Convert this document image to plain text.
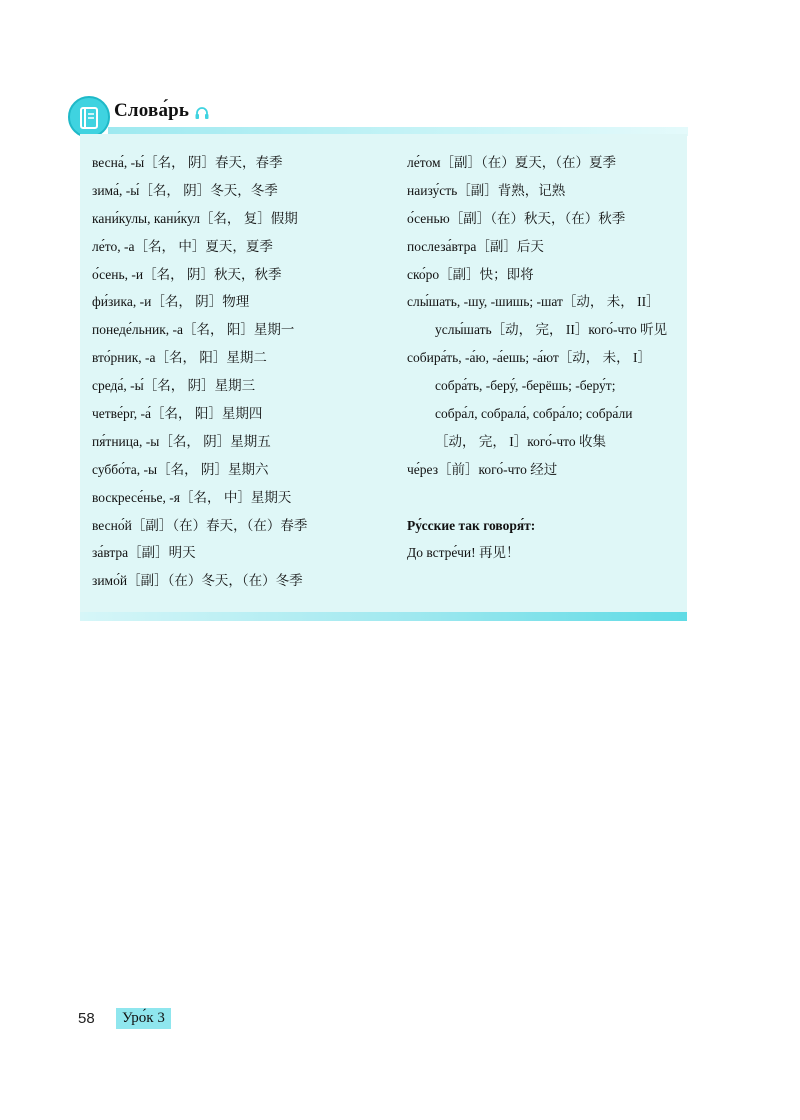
Слова́рь
весна́, -ы́［名， 阴］春天，春季
зима́, -ы́［名， 阴］冬天，冬季
кани́кулы, кани́кул［名， 复］假期
ле́то, -а［名， 中］夏天，夏季
о́сень, -и［名， 阴］秋天，秋季
фи́зика, -и［名， 阴］物理
понеде́льник, -а［名， 阳］星期一
вто́рник, -а［名， 阳］星期二
среда́, -ы́［名， 阴］星期三
четве́рг, -а́［名， 阳］星期四
пя́тница, -ы［名， 阴］星期五
суббо́та, -ы［名， 阴］星期六
воскресе́нье, -я［名， 中］星期天
весно́й［副］（在）春天，（在）春季
за́втра［副］明天
зимо́й［副］（在）冬天，（在）冬季
ле́том［副］（在）夏天，（在）夏季
наизу́сть［副］背熟，记熟
о́сенью［副］（在）秋天，（在）秋季
послеза́втра［副］后天
ско́ро［副］快；即将
слы́шать, -шу, -шишь; -шат［动， 未， II］
услы́шать［动， 完， II］кого́-что 听见
собира́ть, -а́ю, -а́ешь; -а́ют［动， 未， I］
собра́ть, -беру́, -берёшь; -беру́т;
собра́л, собрала́, собра́ло; собра́ли
［动， 完， I］кого́-что 收集
че́рез［前］кого́-что 经过
Ру́сские так говоря́т:
До встре́чи! 再见！
58	Уро́к 3
